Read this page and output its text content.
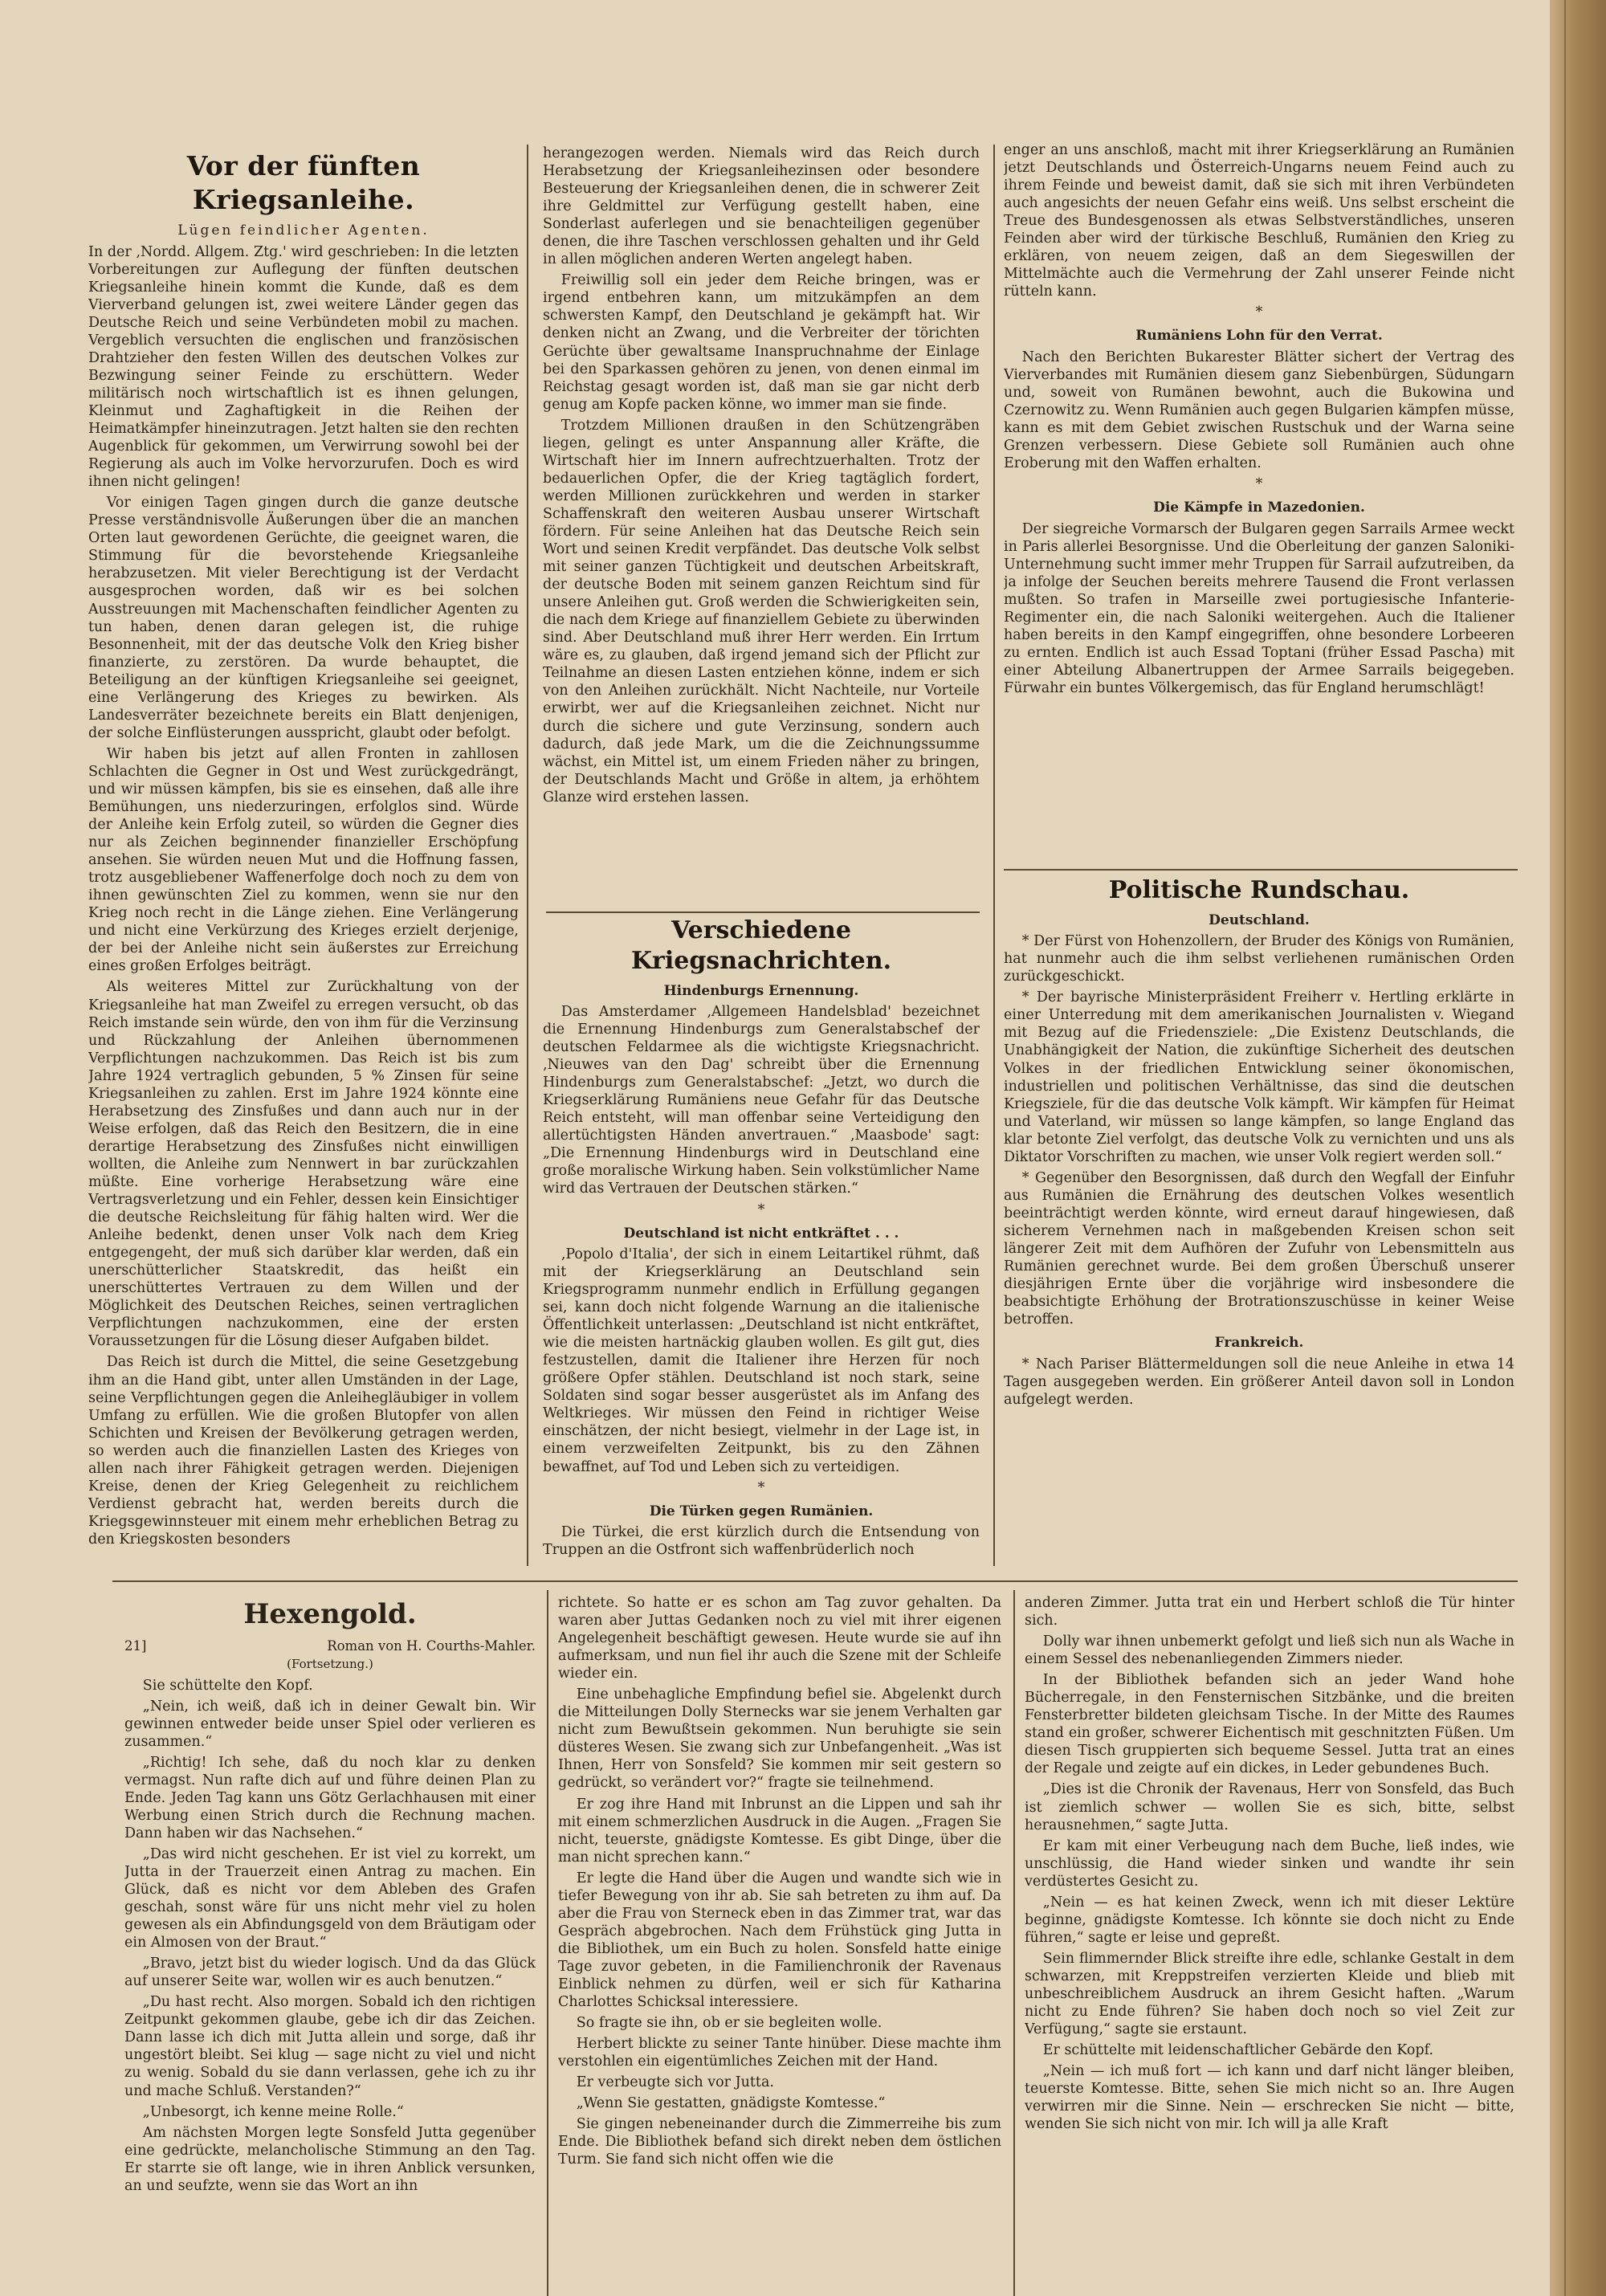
Vor der fünften Kriegsanleihe.
Lügen feindlicher Agenten.

In der ‚Nordd. Allgem. Ztg.' wird geschrieben: In die letzten Vorbereitungen zur Auflegung der fünften deutschen Kriegsanleihe hinein kommt die Kunde, daß es dem Vierverband gelungen ist, zwei weitere Länder gegen das Deutsche Reich und seine Verbündeten mobil zu machen. Vergeblich versuchten die englischen und französischen Drahtzieher den festen Willen des deutschen Volkes zur Bezwingung seiner Feinde zu erschüttern. Weder militärisch noch wirtschaftlich ist es ihnen gelungen, Kleinmut und Zaghaftigkeit in die Reihen der Heimatkämpfer hineinzutragen. Jetzt halten sie den rechten Augenblick für gekommen, um Verwirrung sowohl bei der Regierung als auch im Volke hervorzurufen. Doch es wird ihnen nicht gelingen!

Vor einigen Tagen gingen durch die ganze deutsche Presse verständnisvolle Äußerungen über die an manchen Orten laut gewordenen Gerüchte, die geeignet waren, die Stimmung für die bevorstehende Kriegsanleihe herabzusetzen. Mit vieler Berechtigung ist der Verdacht ausgesprochen worden, daß wir es bei solchen Ausstreuungen mit Machenschaften feindlicher Agenten zu tun haben, denen daran gelegen ist, die ruhige Besonnenheit, mit der das deutsche Volk den Krieg bisher finanzierte, zu zerstören. Da wurde behauptet, die Beteiligung an der künftigen Kriegsanleihe sei geeignet, eine Verlängerung des Krieges zu bewirken. Als Landesverräter bezeichnete bereits ein Blatt denjenigen, der solche Einflüsterungen ausspricht, glaubt oder befolgt.

Wir haben bis jetzt auf allen Fronten in zahllosen Schlachten die Gegner in Ost und West zurückgedrängt, und wir müssen kämpfen, bis sie es einsehen, daß alle ihre Bemühungen, uns niederzuringen, erfolglos sind. Würde der Anleihe kein Erfolg zuteil, so würden die Gegner dies nur als Zeichen beginnender finanzieller Erschöpfung ansehen. Sie würden neuen Mut und die Hoffnung fassen, trotz ausgebliebener Waffenerfolge doch noch zu dem von ihnen gewünschten Ziel zu kommen, wenn sie nur den Krieg noch recht in die Länge ziehen. Eine Verlängerung und nicht eine Verkürzung des Krieges erzielt derjenige, der bei der Anleihe nicht sein äußerstes zur Erreichung eines großen Erfolges beiträgt.

Als weiteres Mittel zur Zurückhaltung von der Kriegsanleihe hat man Zweifel zu erregen versucht, ob das Reich imstande sein würde, den von ihm für die Verzinsung und Rückzahlung der Anleihen übernommenen Verpflichtungen nachzukommen. Das Reich ist bis zum Jahre 1924 vertraglich gebunden, 5 % Zinsen für seine Kriegsanleihen zu zahlen. Erst im Jahre 1924 könnte eine Herabsetzung des Zinsfußes und dann auch nur in der Weise erfolgen, daß das Reich den Besitzern, die in eine derartige Herabsetzung des Zinsfußes nicht einwilligen wollten, die Anleihe zum Nennwert in bar zurückzahlen müßte. Eine vorherige Herabsetzung wäre eine Vertragsverletzung und ein Fehler, dessen kein Einsichtiger die deutsche Reichsleitung für fähig halten wird. Wer die Anleihe bedenkt, denen unser Volk nach dem Krieg entgegengeht, der muß sich darüber klar werden, daß ein unerschütterlicher Staatskredit, das heißt ein unerschüttertes Vertrauen zu dem Willen und der Möglichkeit des Deutschen Reiches, seinen vertraglichen Verpflichtungen nachzukommen, eine der ersten Voraussetzungen für die Lösung dieser Aufgaben bildet.

Das Reich ist durch die Mittel, die seine Gesetzgebung ihm an die Hand gibt, unter allen Umständen in der Lage, seine Verpflichtungen gegen die Anleihegläubiger in vollem Umfang zu erfüllen. Wie die großen Blutopfer von allen Schichten und Kreisen der Bevölkerung getragen werden, so werden auch die finanziellen Lasten des Krieges von allen nach ihrer Fähigkeit getragen werden. Diejenigen Kreise, denen der Krieg Gelegenheit zu reichlichem Verdienst gebracht hat, werden bereits durch die Kriegsgewinnsteuer mit einem mehr erheblichen Betrag zu den Kriegskosten besonders

herangezogen werden. Niemals wird das Reich durch Herabsetzung der Kriegsanleihezinsen oder besondere Besteuerung der Kriegsanleihen denen, die in schwerer Zeit ihre Geldmittel zur Verfügung gestellt haben, eine Sonderlast auferlegen und sie benachteiligen gegenüber denen, die ihre Taschen verschlossen gehalten und ihr Geld in allen möglichen anderen Werten angelegt haben.

Freiwillig soll ein jeder dem Reiche bringen, was er irgend entbehren kann, um mitzukämpfen an dem schwersten Kampf, den Deutschland je gekämpft hat. Wir denken nicht an Zwang, und die Verbreiter der törichten Gerüchte über gewaltsame Inanspruchnahme der Einlage bei den Sparkassen gehören zu jenen, von denen einmal im Reichstag gesagt worden ist, daß man sie gar nicht derb genug am Kopfe packen könne, wo immer man sie finde.

Trotzdem Millionen draußen in den Schützengräben liegen, gelingt es unter Anspannung aller Kräfte, die Wirtschaft hier im Innern aufrechtzuerhalten. Trotz der bedauerlichen Opfer, die der Krieg tagtäglich fordert, werden Millionen zurückkehren und werden in starker Schaffenskraft den weiteren Ausbau unserer Wirtschaft fördern. Für seine Anleihen hat das Deutsche Reich sein Wort und seinen Kredit verpfändet. Das deutsche Volk selbst mit seiner ganzen Tüchtigkeit und deutschen Arbeitskraft, der deutsche Boden mit seinem ganzen Reichtum sind für unsere Anleihen gut. Groß werden die Schwierigkeiten sein, die nach dem Kriege auf finanziellem Gebiete zu überwinden sind. Aber Deutschland muß ihrer Herr werden. Ein Irrtum wäre es, zu glauben, daß irgend jemand sich der Pflicht zur Teilnahme an diesen Lasten entziehen könne, indem er sich von den Anleihen zurückhält. Nicht Nachteile, nur Vorteile erwirbt, wer auf die Kriegsanleihen zeichnet. Nicht nur durch die sichere und gute Verzinsung, sondern auch dadurch, daß jede Mark, um die die Zeichnungssumme wächst, ein Mittel ist, um einem Frieden näher zu bringen, der Deutschlands Macht und Größe in altem, ja erhöhtem Glanze wird erstehen lassen.

Verschiedene Kriegsnachrichten.
Hindenburgs Ernennung.

Das Amsterdamer ‚Allgemeen Handelsblad' bezeichnet die Ernennung Hindenburgs zum Generalstabschef der deutschen Feldarmee als die wichtigste Kriegsnachricht. ‚Nieuwes van den Dag' schreibt über die Ernennung Hindenburgs zum Generalstabschef: „Jetzt, wo durch die Kriegserklärung Rumäniens neue Gefahr für das Deutsche Reich entsteht, will man offenbar seine Verteidigung den allertüchtigsten Händen anvertrauen.“ ‚Maasbode' sagt: „Die Ernennung Hindenburgs wird in Deutschland eine große moralische Wirkung haben. Sein volkstümlicher Name wird das Vertrauen der Deutschen stärken.“

*
Deutschland ist nicht entkräftet . . .

‚Popolo d'Italia', der sich in einem Leitartikel rühmt, daß mit der Kriegserklärung an Deutschland sein Kriegsprogramm nunmehr endlich in Erfüllung gegangen sei, kann doch nicht folgende Warnung an die italienische Öffentlichkeit unterlassen: „Deutschland ist nicht entkräftet, wie die meisten hartnäckig glauben wollen. Es gilt gut, dies festzustellen, damit die Italiener ihre Herzen für noch größere Opfer stählen. Deutschland ist noch stark, seine Soldaten sind sogar besser ausgerüstet als im Anfang des Weltkrieges. Wir müssen den Feind in richtiger Weise einschätzen, der nicht besiegt, vielmehr in der Lage ist, in einem verzweifelten Zeitpunkt, bis zu den Zähnen bewaffnet, auf Tod und Leben sich zu verteidigen.

*
Die Türken gegen Rumänien.

Die Türkei, die erst kürzlich durch die Entsendung von Truppen an die Ostfront sich waffenbrüderlich noch

enger an uns anschloß, macht mit ihrer Kriegserklärung an Rumänien jetzt Deutschlands und Österreich-Ungarns neuem Feind auch zu ihrem Feinde und beweist damit, daß sie sich mit ihren Verbündeten auch angesichts der neuen Gefahr eins weiß. Uns selbst erscheint die Treue des Bundesgenossen als etwas Selbstverständliches, unseren Feinden aber wird der türkische Beschluß, Rumänien den Krieg zu erklären, von neuem zeigen, daß an dem Siegeswillen der Mittelmächte auch die Vermehrung der Zahl unserer Feinde nicht rütteln kann.

*
Rumäniens Lohn für den Verrat.

Nach den Berichten Bukarester Blätter sichert der Vertrag des Vierverbandes mit Rumänien diesem ganz Siebenbürgen, Südungarn und, soweit von Rumänen bewohnt, auch die Bukowina und Czernowitz zu. Wenn Rumänien auch gegen Bulgarien kämpfen müsse, kann es mit dem Gebiet zwischen Rustschuk und der Warna seine Grenzen verbessern. Diese Gebiete soll Rumänien auch ohne Eroberung mit den Waffen erhalten.

*
Die Kämpfe in Mazedonien.

Der siegreiche Vormarsch der Bulgaren gegen Sarrails Armee weckt in Paris allerlei Besorgnisse. Und die Oberleitung der ganzen Saloniki-Unternehmung sucht immer mehr Truppen für Sarrail aufzutreiben, da ja infolge der Seuchen bereits mehrere Tausend die Front verlassen mußten. So trafen in Marseille zwei portugiesische Infanterie-Regimenter ein, die nach Saloniki weitergehen. Auch die Italiener haben bereits in den Kampf eingegriffen, ohne besondere Lorbeeren zu ernten. Endlich ist auch Essad Toptani (früher Essad Pascha) mit einer Abteilung Albanertruppen der Armee Sarrails beigegeben. Fürwahr ein buntes Völkergemisch, das für England herumschlägt!

Politische Rundschau.
Deutschland.

* Der Fürst von Hohenzollern, der Bruder des Königs von Rumänien, hat nunmehr auch die ihm selbst verliehenen rumänischen Orden zurückgeschickt.

* Der bayrische Ministerpräsident Freiherr v. Hertling erklärte in einer Unterredung mit dem amerikanischen Journalisten v. Wiegand mit Bezug auf die Friedensziele: „Die Existenz Deutschlands, die Unabhängigkeit der Nation, die zukünftige Sicherheit des deutschen Volkes in der friedlichen Entwicklung seiner ökonomischen, industriellen und politischen Verhältnisse, das sind die deutschen Kriegsziele, für die das deutsche Volk kämpft. Wir kämpfen für Heimat und Vaterland, wir müssen so lange kämpfen, so lange England das klar betonte Ziel verfolgt, das deutsche Volk zu vernichten und uns als Diktator Vorschriften zu machen, wie unser Volk regiert werden soll.“

* Gegenüber den Besorgnissen, daß durch den Wegfall der Einfuhr aus Rumänien die Ernährung des deutschen Volkes wesentlich beeinträchtigt werden könnte, wird erneut darauf hingewiesen, daß sicherem Vernehmen nach in maßgebenden Kreisen schon seit längerer Zeit mit dem Aufhören der Zufuhr von Lebensmitteln aus Rumänien gerechnet wurde. Bei dem großen Überschuß unserer diesjährigen Ernte über die vorjährige wird insbesondere die beabsichtigte Erhöhung der Brotrationszuschüsse in keiner Weise betroffen.

Frankreich.

* Nach Pariser Blättermeldungen soll die neue Anleihe in etwa 14 Tagen ausgegeben werden. Ein größerer Anteil davon soll in London aufgelegt werden.

Hexengold.
21]	Roman von H. Courths-Mahler.
(Fortsetzung.)

Sie schüttelte den Kopf.

„Nein, ich weiß, daß ich in deiner Gewalt bin. Wir gewinnen entweder beide unser Spiel oder verlieren es zusammen.“

„Richtig! Ich sehe, daß du noch klar zu denken vermagst. Nun rafte dich auf und führe deinen Plan zu Ende. Jeden Tag kann uns Götz Gerlachhausen mit einer Werbung einen Strich durch die Rechnung machen. Dann haben wir das Nachsehen.“

„Das wird nicht geschehen. Er ist viel zu korrekt, um Jutta in der Trauerzeit einen Antrag zu machen. Ein Glück, daß es nicht vor dem Ableben des Grafen geschah, sonst wäre für uns nicht mehr viel zu holen gewesen als ein Abfindungsgeld von dem Bräutigam oder ein Almosen von der Braut.“

„Bravo, jetzt bist du wieder logisch. Und da das Glück auf unserer Seite war, wollen wir es auch benutzen.“

„Du hast recht. Also morgen. Sobald ich den richtigen Zeitpunkt gekommen glaube, gebe ich dir das Zeichen. Dann lasse ich dich mit Jutta allein und sorge, daß ihr ungestört bleibt. Sei klug — sage nicht zu viel und nicht zu wenig. Sobald du sie dann verlassen, gehe ich zu ihr und mache Schluß. Verstanden?“

„Unbesorgt, ich kenne meine Rolle.“

Am nächsten Morgen legte Sonsfeld Jutta gegenüber eine gedrückte, melancholische Stimmung an den Tag. Er starrte sie oft lange, wie in ihren Anblick versunken, an und seufzte, wenn sie das Wort an ihn

richtete. So hatte er es schon am Tag zuvor gehalten. Da waren aber Juttas Gedanken noch zu viel mit ihrer eigenen Angelegenheit beschäftigt gewesen. Heute wurde sie auf ihn aufmerksam, und nun fiel ihr auch die Szene mit der Schleife wieder ein.

Eine unbehagliche Empfindung befiel sie. Abgelenkt durch die Mitteilungen Dolly Sternecks war sie jenem Verhalten gar nicht zum Bewußtsein gekommen. Nun beruhigte sie sein düsteres Wesen. Sie zwang sich zur Unbefangenheit. „Was ist Ihnen, Herr von Sonsfeld? Sie kommen mir seit gestern so gedrückt, so verändert vor?“ fragte sie teilnehmend.

Er zog ihre Hand mit Inbrunst an die Lippen und sah ihr mit einem schmerzlichen Ausdruck in die Augen. „Fragen Sie nicht, teuerste, gnädigste Komtesse. Es gibt Dinge, über die man nicht sprechen kann.“

Er legte die Hand über die Augen und wandte sich wie in tiefer Bewegung von ihr ab. Sie sah betreten zu ihm auf. Da aber die Frau von Sterneck eben in das Zimmer trat, war das Gespräch abgebrochen. Nach dem Frühstück ging Jutta in die Bibliothek, um ein Buch zu holen. Sonsfeld hatte einige Tage zuvor gebeten, in die Familienchronik der Ravenaus Einblick nehmen zu dürfen, weil er sich für Katharina Charlottes Schicksal interessiere.

So fragte sie ihn, ob er sie begleiten wolle.

Herbert blickte zu seiner Tante hinüber. Diese machte ihm verstohlen ein eigentümliches Zeichen mit der Hand.

Er verbeugte sich vor Jutta.

„Wenn Sie gestatten, gnädigste Komtesse.“

Sie gingen nebeneinander durch die Zimmerreihe bis zum Ende. Die Bibliothek befand sich direkt neben dem östlichen Turm. Sie fand sich nicht offen wie die

anderen Zimmer. Jutta trat ein und Herbert schloß die Tür hinter sich.

Dolly war ihnen unbemerkt gefolgt und ließ sich nun als Wache in einem Sessel des nebenanliegenden Zimmers nieder.

In der Bibliothek befanden sich an jeder Wand hohe Bücherregale, in den Fensternischen Sitzbänke, und die breiten Fensterbretter bildeten gleichsam Tische. In der Mitte des Raumes stand ein großer, schwerer Eichentisch mit geschnitzten Füßen. Um diesen Tisch gruppierten sich bequeme Sessel. Jutta trat an eines der Regale und zeigte auf ein dickes, in Leder gebundenes Buch.

„Dies ist die Chronik der Ravenaus, Herr von Sonsfeld, das Buch ist ziemlich schwer — wollen Sie es sich, bitte, selbst herausnehmen,“ sagte Jutta.

Er kam mit einer Verbeugung nach dem Buche, ließ indes, wie unschlüssig, die Hand wieder sinken und wandte ihr sein verdüstertes Gesicht zu.

„Nein — es hat keinen Zweck, wenn ich mit dieser Lektüre beginne, gnädigste Komtesse. Ich könnte sie doch nicht zu Ende führen,“ sagte er leise und gepreßt.

Sein flimmernder Blick streifte ihre edle, schlanke Gestalt in dem schwarzen, mit Kreppstreifen verzierten Kleide und blieb mit unbeschreiblichem Ausdruck an ihrem Gesicht haften. „Warum nicht zu Ende führen? Sie haben doch noch so viel Zeit zur Verfügung,“ sagte sie erstaunt.

Er schüttelte mit leidenschaftlicher Gebärde den Kopf.

„Nein — ich muß fort — ich kann und darf nicht länger bleiben, teuerste Komtesse. Bitte, sehen Sie mich nicht so an. Ihre Augen verwirren mir die Sinne. Nein — erschrecken Sie nicht — bitte, wenden Sie sich nicht von mir. Ich will ja alle Kraft
